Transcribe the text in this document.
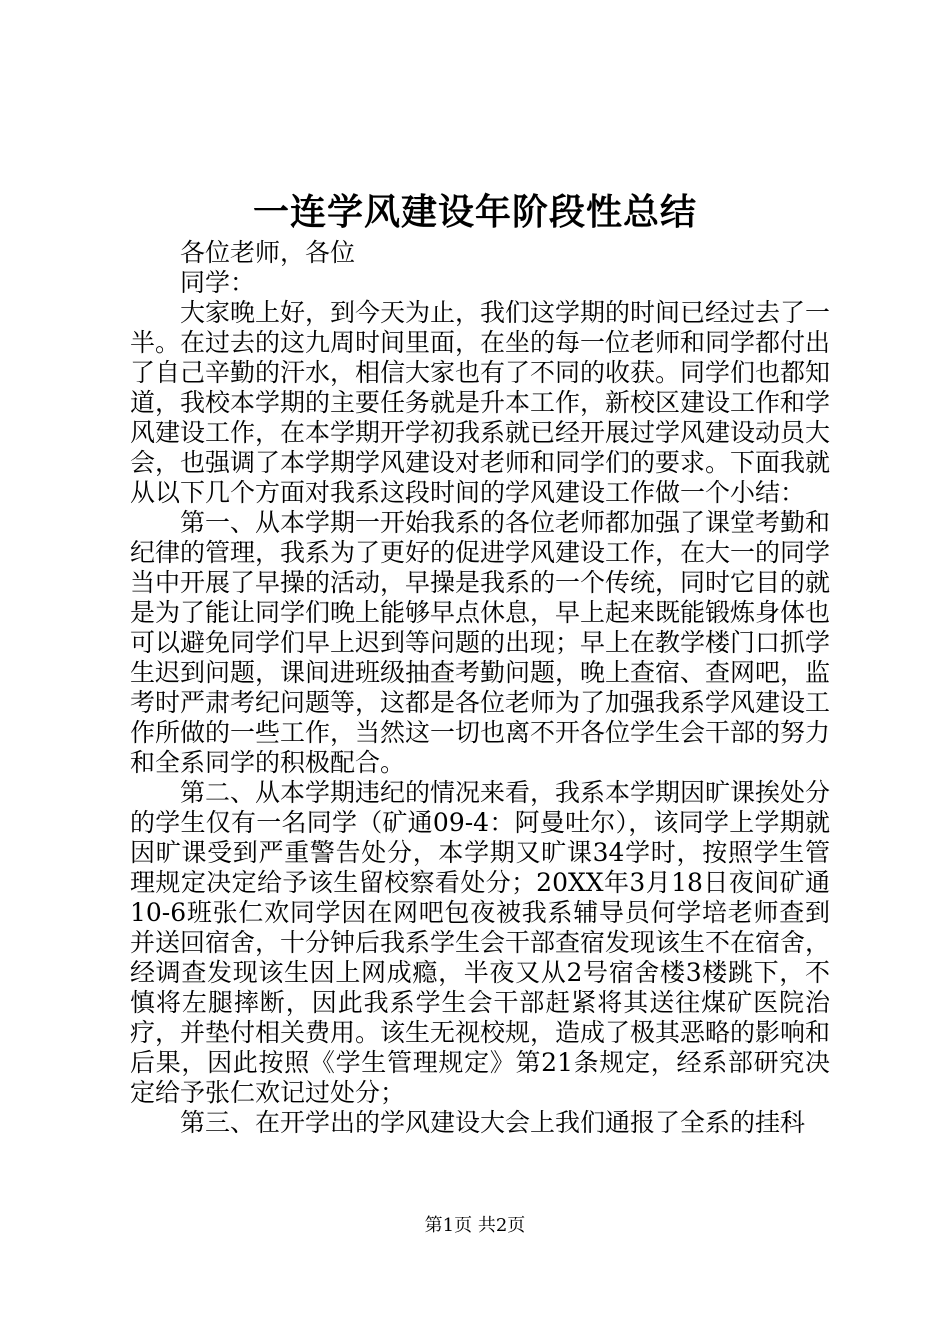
一连学风建设年阶段性总结

各位老师，各位

同学：

大家晚上好，到今天为止，我们这学期的时间已经过去了一半。在过去的这九周时间里面，在坐的每一位老师和同学都付出了自己辛勤的汗水，相信大家也有了不同的收获。同学们也都知道，我校本学期的主要任务就是升本工作，新校区建设工作和学风建设工作，在本学期开学初我系就已经开展过学风建设动员大会，也强调了本学期学风建设对老师和同学们的要求。下面我就从以下几个方面对我系这段时间的学风建设工作做一个小结：

第一、从本学期一开始我系的各位老师都加强了课堂考勤和纪律的管理，我系为了更好的促进学风建设工作，在大一的同学当中开展了早操的活动，早操是我系的一个传统，同时它目的就是为了能让同学们晚上能够早点休息，早上起来既能锻炼身体也可以避免同学们早上迟到等问题的出现；早上在教学楼门口抓学生迟到问题，课间进班级抽查考勤问题，晚上查宿、查网吧，监考时严肃考纪问题等，这都是各位老师为了加强我系学风建设工作所做的一些工作，当然这一切也离不开各位学生会干部的努力和全系同学的积极配合。

第二、从本学期违纪的情况来看，我系本学期因旷课挨处分的学生仅有一名同学（矿通09-4：阿曼吐尔），该同学上学期就因旷课受到严重警告处分，本学期又旷课34学时，按照学生管理规定决定给予该生留校察看处分；20XX年3月18日夜间矿通10-6班张仁欢同学因在网吧包夜被我系辅导员何学培老师查到并送回宿舍，十分钟后我系学生会干部查宿发现该生不在宿舍，经调查发现该生因上网成瘾，半夜又从2号宿舍楼3楼跳下，不慎将左腿摔断，因此我系学生会干部赶紧将其送往煤矿医院治疗，并垫付相关费用。该生无视校规，造成了极其恶略的影响和后果，因此按照《学生管理规定》第21条规定，经系部研究决定给予张仁欢记过处分；

第三、在开学出的学风建设大会上我们通报了全系的挂科

第1页 共2页
